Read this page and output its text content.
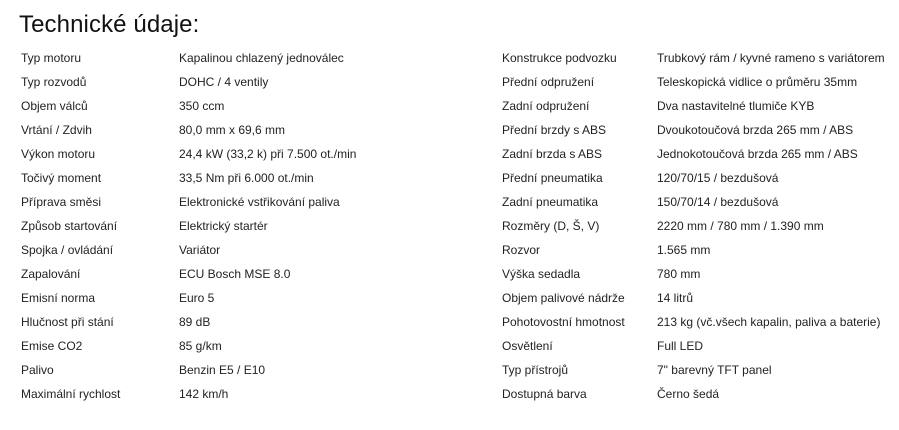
Technické údaje:
Typ motoru	Kapalinou chlazený jednoválec
Typ rozvodů	DOHC / 4 ventily
Objem válců	350 ccm
Vrtání / Zdvih	80,0 mm x 69,6 mm
Výkon motoru	24,4 kW (33,2 k) při 7.500 ot./min
Točivý moment	33,5 Nm při 6.000 ot./min
Příprava směsi	Elektronické vstřikování paliva
Způsob startování	Elektrický startér
Spojka / ovládání	Variátor
Zapalování	ECU Bosch MSE 8.0
Emisní norma	Euro 5
Hlučnost při stání	89 dB
Emise CO2	85 g/km
Palivo	Benzin E5 / E10
Maximální rychlost	142 km/h
Konstrukce podvozku	Trubkový rám / kyvné rameno s variátorem
Přední odpružení	Teleskopická vidlice o průměru 35mm
Zadní odpružení	Dva nastavitelné tlumiče KYB
Přední brzdy s ABS	Dvoukotoučová brzda 265 mm / ABS
Zadní brzda s ABS	Jednokotoučová brzda 265 mm / ABS
Přední pneumatika	120/70/15 / bezdušová
Zadní pneumatika	150/70/14 / bezdušová
Rozměry (D, Š, V)	2220 mm / 780 mm / 1.390 mm
Rozvor	1.565 mm
Výška sedadla	780 mm
Objem palivové nádrže	14 litrů
Pohotovostní hmotnost	213 kg (vč.všech kapalin, paliva a baterie)
Osvětlení	Full LED
Typ přístrojů	7" barevný TFT panel
Dostupná barva	Černo šedá
